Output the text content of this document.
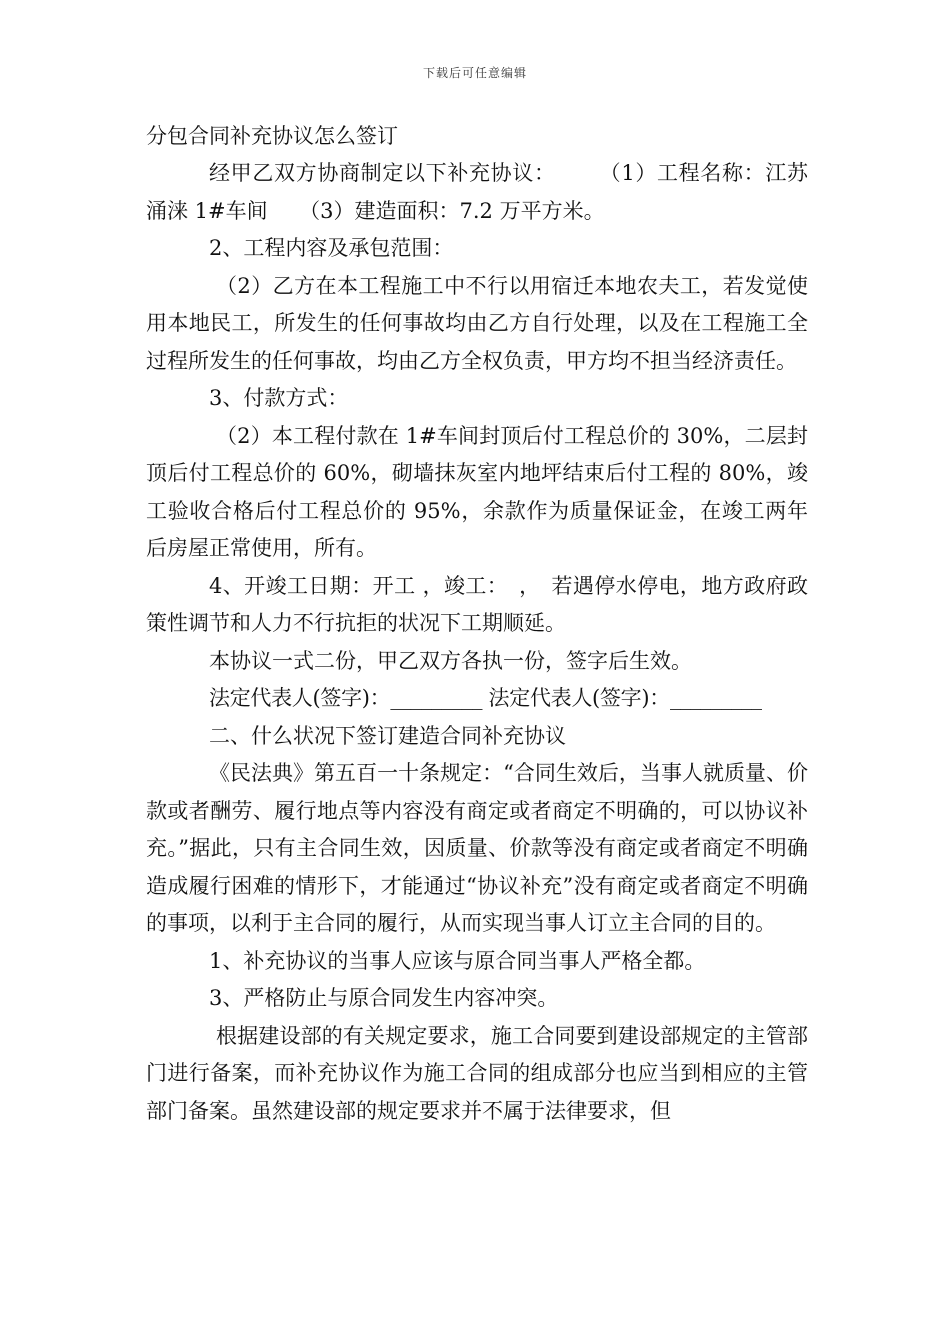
下载后可任意编辑

分包合同补充协议怎么签订

经甲乙双方协商制定以下补充协议：　　　（1）工程名称：江苏涌涞 1#车间　　（3）建造面积：7.2 万平方米。

2、工程内容及承包范围：

（2）乙方在本工程施工中不行以用宿迁本地农夫工，若发觉使用本地民工，所发生的任何事故均由乙方自行处理，以及在工程施工全过程所发生的任何事故，均由乙方全权负责，甲方均不担当经济责任。

3、付款方式：

（2）本工程付款在 1#车间封顶后付工程总价的 30%，二层封顶后付工程总价的 60%，砌墙抹灰室内地坪结束后付工程的 80%，竣工验收合格后付工程总价的 95%，余款作为质量保证金，在竣工两年后房屋正常使用，所有。

4、开竣工日期：开工 ，竣工：　，　若遇停水停电，地方政府政策性调节和人力不行抗拒的状况下工期顺延。

本协议一式二份，甲乙双方各执一份，签字后生效。

法定代表人(签字)：_________ 法定代表人(签字)：_________

二、什么状况下签订建造合同补充协议

《民法典》第五百一十条规定：“合同生效后，当事人就质量、价款或者酬劳、履行地点等内容没有商定或者商定不明确的，可以协议补充。”据此，只有主合同生效，因质量、价款等没有商定或者商定不明确造成履行困难的情形下，才能通过“协议补充”没有商定或者商定不明确的事项，以利于主合同的履行，从而实现当事人订立主合同的目的。

1、补充协议的当事人应该与原合同当事人严格全都。

3、严格防止与原合同发生内容冲突。

根据建设部的有关规定要求，施工合同要到建设部规定的主管部门进行备案，而补充协议作为施工合同的组成部分也应当到相应的主管部门备案。虽然建设部的规定要求并不属于法律要求，但
